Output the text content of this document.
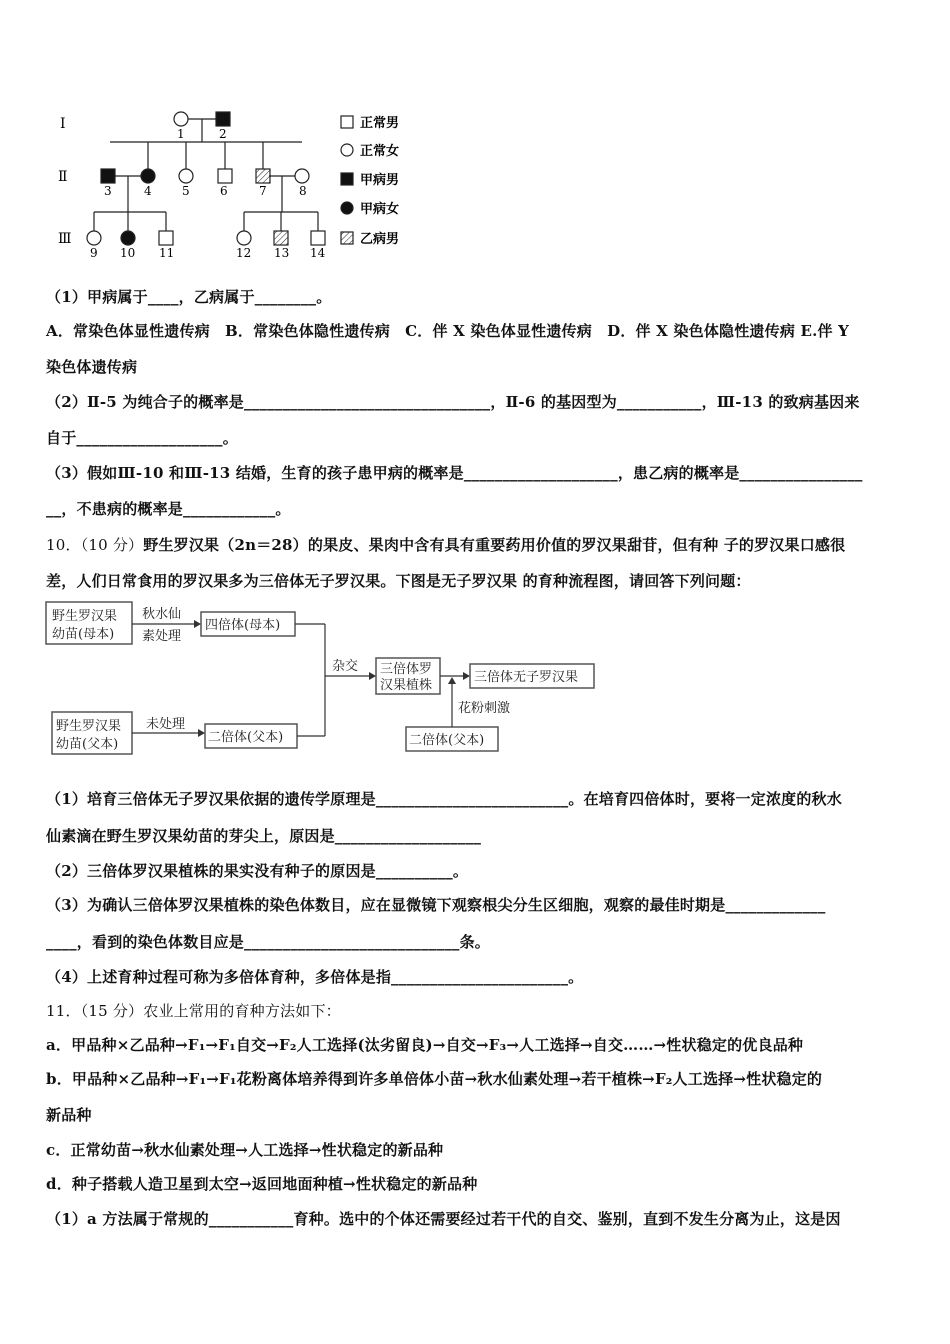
Ⅰ
Ⅱ
Ⅲ
1	2
3	4	5	6	7	8
9 10 11	12 13 14
正常男
正常女
甲病男
甲病女
乙病男
（1）甲病属于____，乙病属于________。
A．常染色体显性遗传病　B．常染色体隐性遗传病　C．伴 X 染色体显性遗传病　D．伴 X 染色体隐性遗传病 E.伴 Y
染色体遗传病
（2）Ⅱ-5 为纯合子的概率是________________________________，Ⅱ-6 的基因型为___________，Ⅲ-13 的致病基因来
自于___________________。
（3）假如Ⅲ-10 和Ⅲ-13 结婚，生育的孩子患甲病的概率是____________________，患乙病的概率是________________
__，不患病的概率是____________。
10．（10 分）野生罗汉果（2n＝28）的果皮、果肉中含有具有重要药用价值的罗汉果甜苷，但有种 子的罗汉果口感很
差，人们日常食用的罗汉果多为三倍体无子罗汉果。下图是无子罗汉果 的育种流程图，请回答下列问题：
野生罗汉果
幼苗(母本)
秋水仙
素处理
四倍体(母本)
杂交 三倍体罗
汉果植株
三倍体无子罗汉果
野生罗汉果
幼苗(父本)
未处理
二倍体(父本)
花粉刺激
二倍体(父本)
（1）培育三倍体无子罗汉果依据的遗传学原理是_________________________。在培育四倍体时，要将一定浓度的秋水
仙素滴在野生罗汉果幼苗的芽尖上，原因是___________________
（2）三倍体罗汉果植株的果实没有种子的原因是__________。
（3）为确认三倍体罗汉果植株的染色体数目，应在显微镜下观察根尖分生区细胞，观察的最佳时期是_____________
____，看到的染色体数目应是____________________________条。
（4）上述育种过程可称为多倍体育种，多倍体是指_______________________。
11．（15 分）农业上常用的育种方法如下：
a．甲品种×乙品种→F₁→F₁自交→F₂人工选择(汰劣留良)→自交→F₃→人工选择→自交……→性状稳定的优良品种
b．甲品种×乙品种→F₁→F₁花粉离体培养得到许多单倍体小苗→秋水仙素处理→若干植株→F₂人工选择→性状稳定的
新品种
c．正常幼苗→秋水仙素处理→人工选择→性状稳定的新品种
d．种子搭载人造卫星到太空→返回地面种植→性状稳定的新品种
（1）a 方法属于常规的___________育种。选中的个体还需要经过若干代的自交、鉴别，直到不发生分离为止，这是因
